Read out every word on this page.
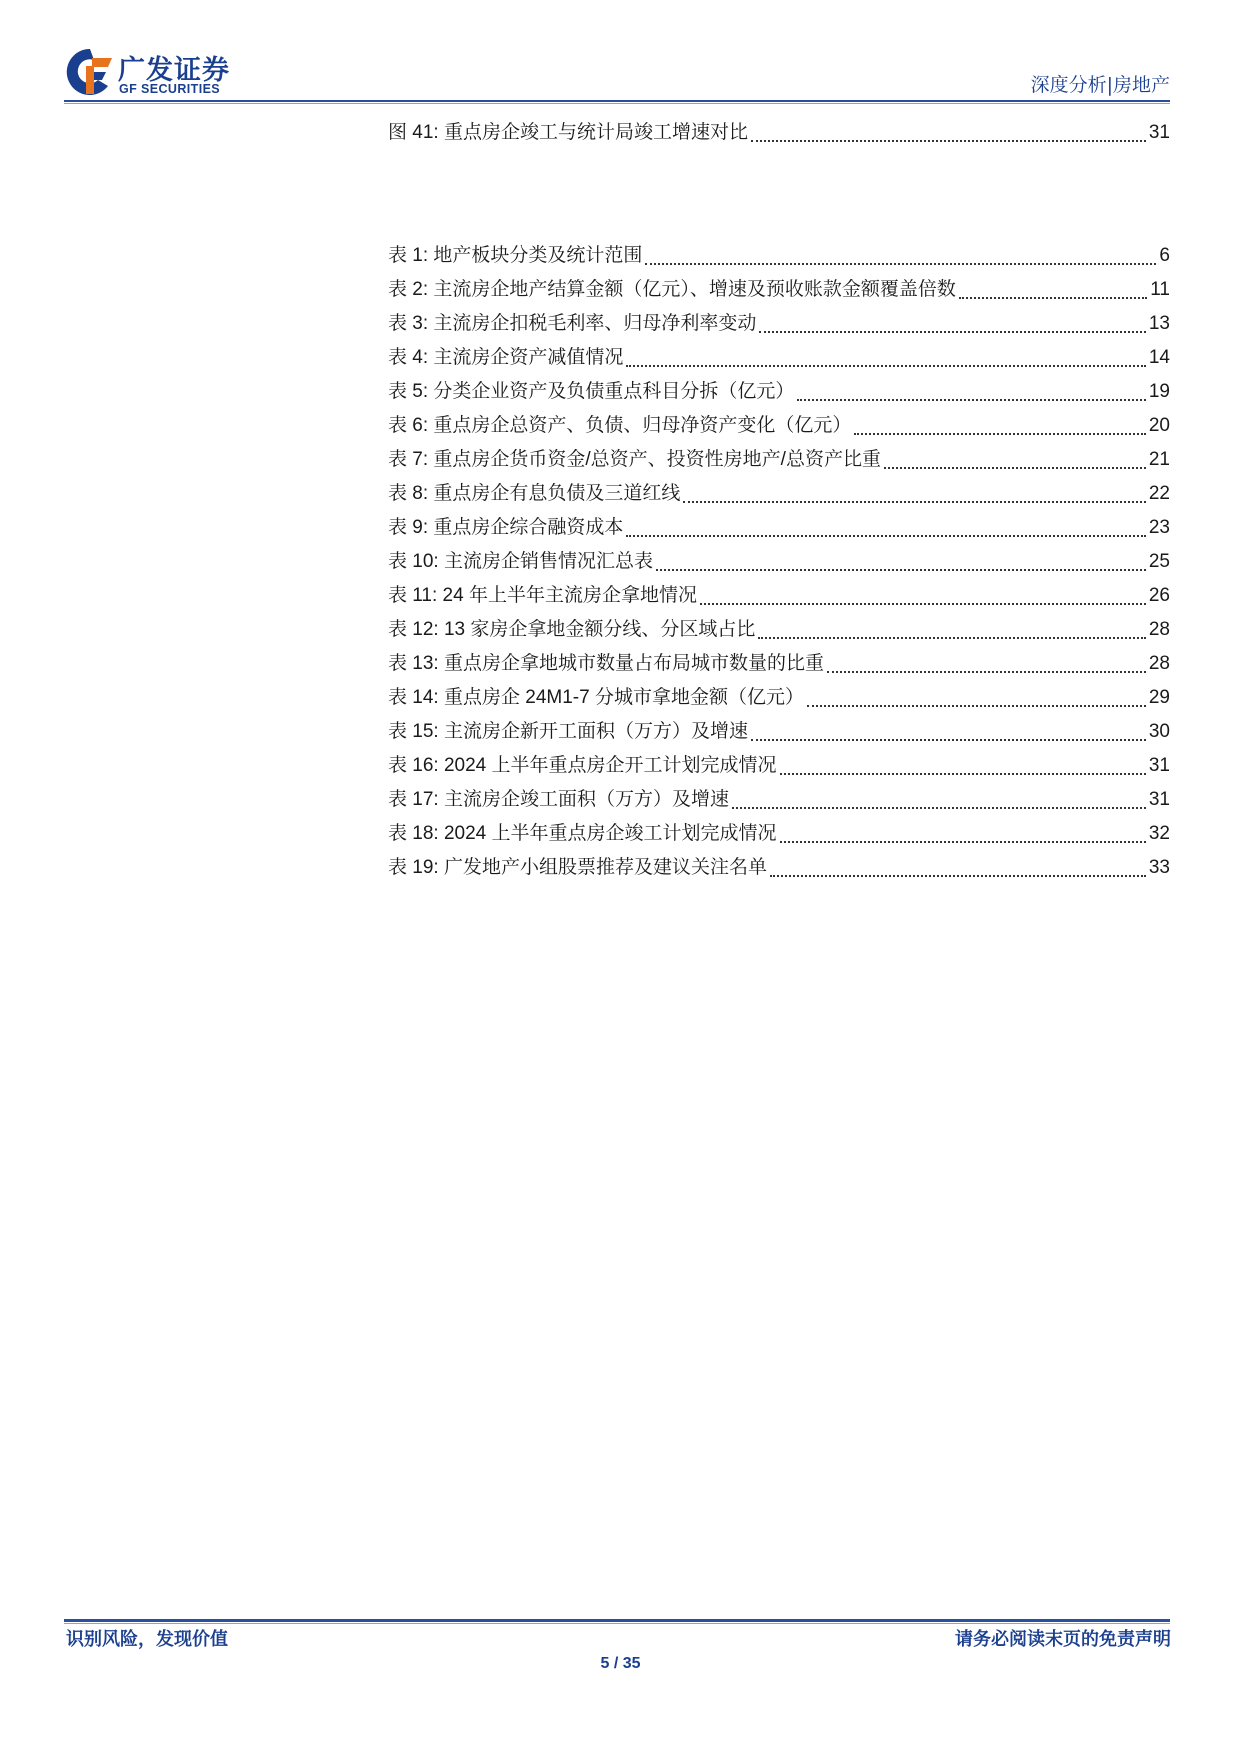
广发证券
GF SECURITIES	深度分析|房地产
图 41: 重点房企竣工与统计局竣工增速对比	31
表 1: 地产板块分类及统计范围	6
表 2: 主流房企地产结算金额（亿元）、增速及预收账款金额覆盖倍数	11
表 3: 主流房企扣税毛利率、归母净利率变动	13
表 4: 主流房企资产减值情况	14
表 5: 分类企业资产及负债重点科目分拆（亿元）	19
表 6: 重点房企总资产、负债、归母净资产变化（亿元）	20
表 7: 重点房企货币资金/总资产、投资性房地产/总资产比重	21
表 8: 重点房企有息负债及三道红线	22
表 9: 重点房企综合融资成本	23
表 10: 主流房企销售情况汇总表	25
表 11: 24 年上半年主流房企拿地情况	26
表 12: 13 家房企拿地金额分线、分区域占比	28
表 13: 重点房企拿地城市数量占布局城市数量的比重	28
表 14: 重点房企 24M1-7 分城市拿地金额（亿元）	29
表 15: 主流房企新开工面积（万方）及增速	30
表 16: 2024 上半年重点房企开工计划完成情况	31
表 17: 主流房企竣工面积（万方）及增速	31
表 18: 2024 上半年重点房企竣工计划完成情况	32
表 19: 广发地产小组股票推荐及建议关注名单	33
识别风险，发现价值	请务必阅读末页的免责声明
5 / 35
